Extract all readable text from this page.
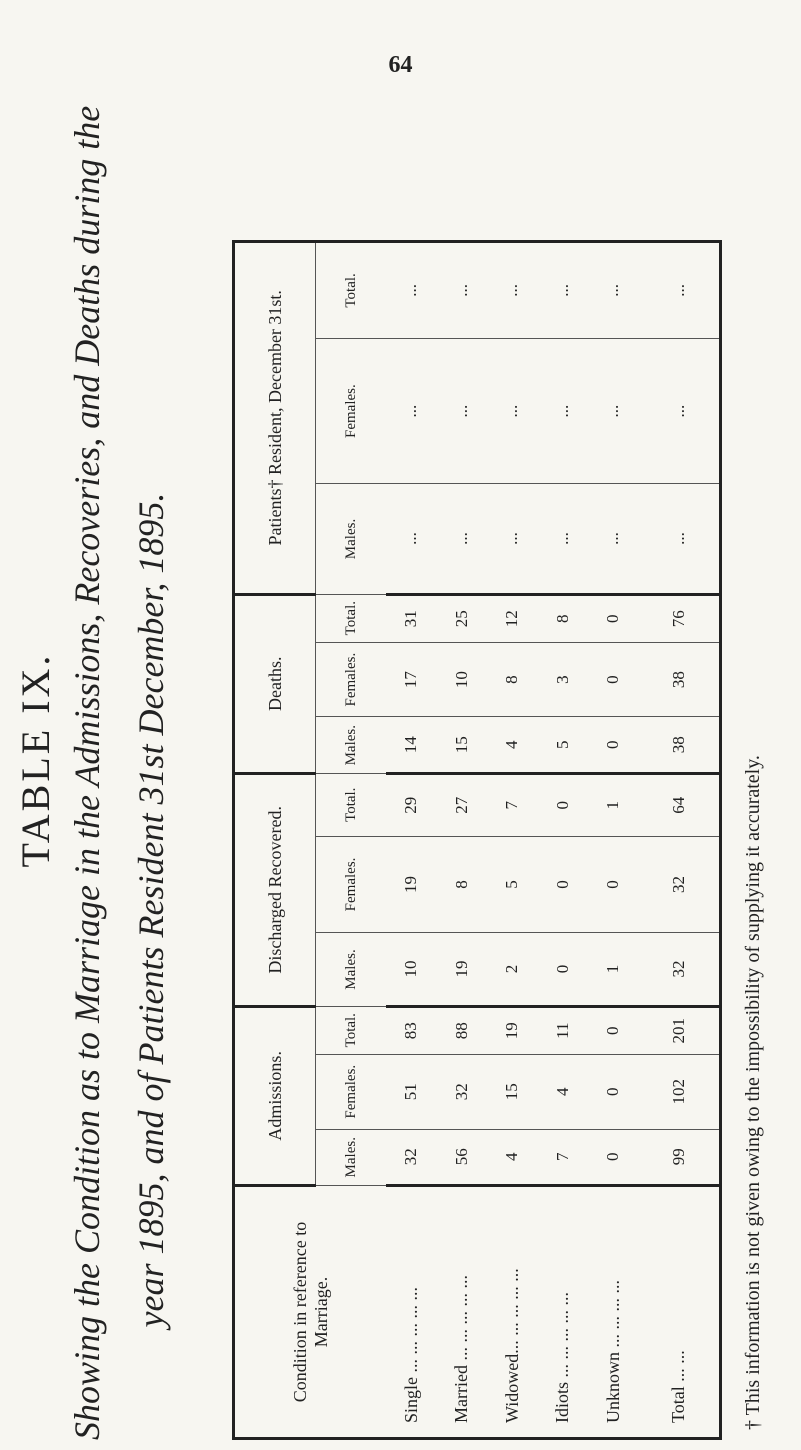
64
TABLE IX. Showing the Condition as to Marriage in the Admissions, Recoveries, and Deaths during the year 1895, and of Patients Resident 31st December, 1895.	Condition in reference to Marriage.	Admissions.			Discharged Recovered.			Deaths.			Patients† Resident, December 31st.		
	Males.	Females.	Total.	Males.	Females.	Total.	Males.	Females.	Total.	Males.	Females.	Total.
Single ... ... ... ... ...	32	51	83	10	19	29	14	17	31	...	...	...
Married ... ... ... ... ...	56	32	88	19	8	27	15	10	25	...	...	...
Widowed... ... ... ... ...	4	15	19	2	5	7	4	8	12	...	...	...
Idiots ... ... ... ... ...	7	4	11	0	0	0	5	3	8	...	...	...
Unknown ... ... ... ...	0	0	0	1	0	1	0	0	0	...	...	...
Total ... ...	99	102	201	32	32	64	38	38	76	...	...	...
† This information is not given owing to the impossibility of supplying it accurately.
